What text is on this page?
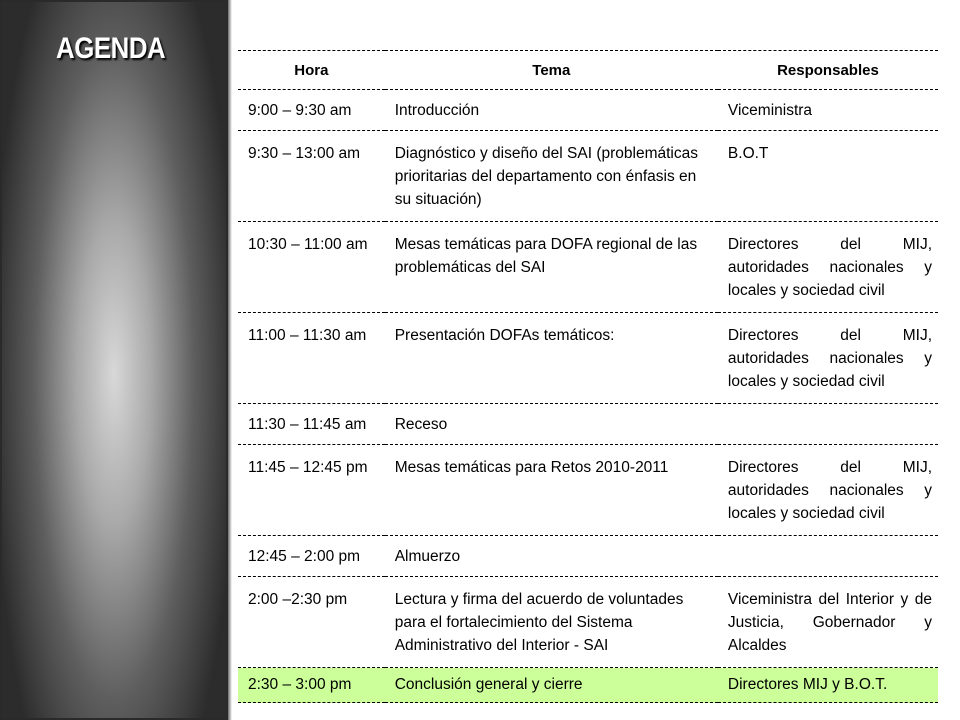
AGENDA
Hora	Tema	Responsables
9:00 – 9:30 am	Introducción	Viceministra
9:30 – 13:00 am	Diagnóstico y diseño del SAI (problemáticas prioritarias del departamento con énfasis en su situación)	B.O.T
10:30 – 11:00 am	Mesas temáticas para DOFA regional de las problemáticas del SAI	Directores del MIJ, autoridades nacionales y locales y sociedad civil
11:00 – 11:30 am	Presentación DOFAs temáticos:	Directores del MIJ, autoridades nacionales y locales y sociedad civil
11:30 – 11:45 am	Receso	
11:45 – 12:45 pm	Mesas temáticas para Retos 2010-2011	Directores del MIJ, autoridades nacionales y locales y sociedad civil
12:45 – 2:00 pm	Almuerzo	
2:00 –2:30 pm	Lectura y firma del acuerdo de voluntades para el fortalecimiento del Sistema Administrativo del Interior - SAI	Viceministra del Interior y de Justicia, Gobernador y Alcaldes
2:30 – 3:00 pm	Conclusión general y cierre	Directores MIJ y B.O.T.
